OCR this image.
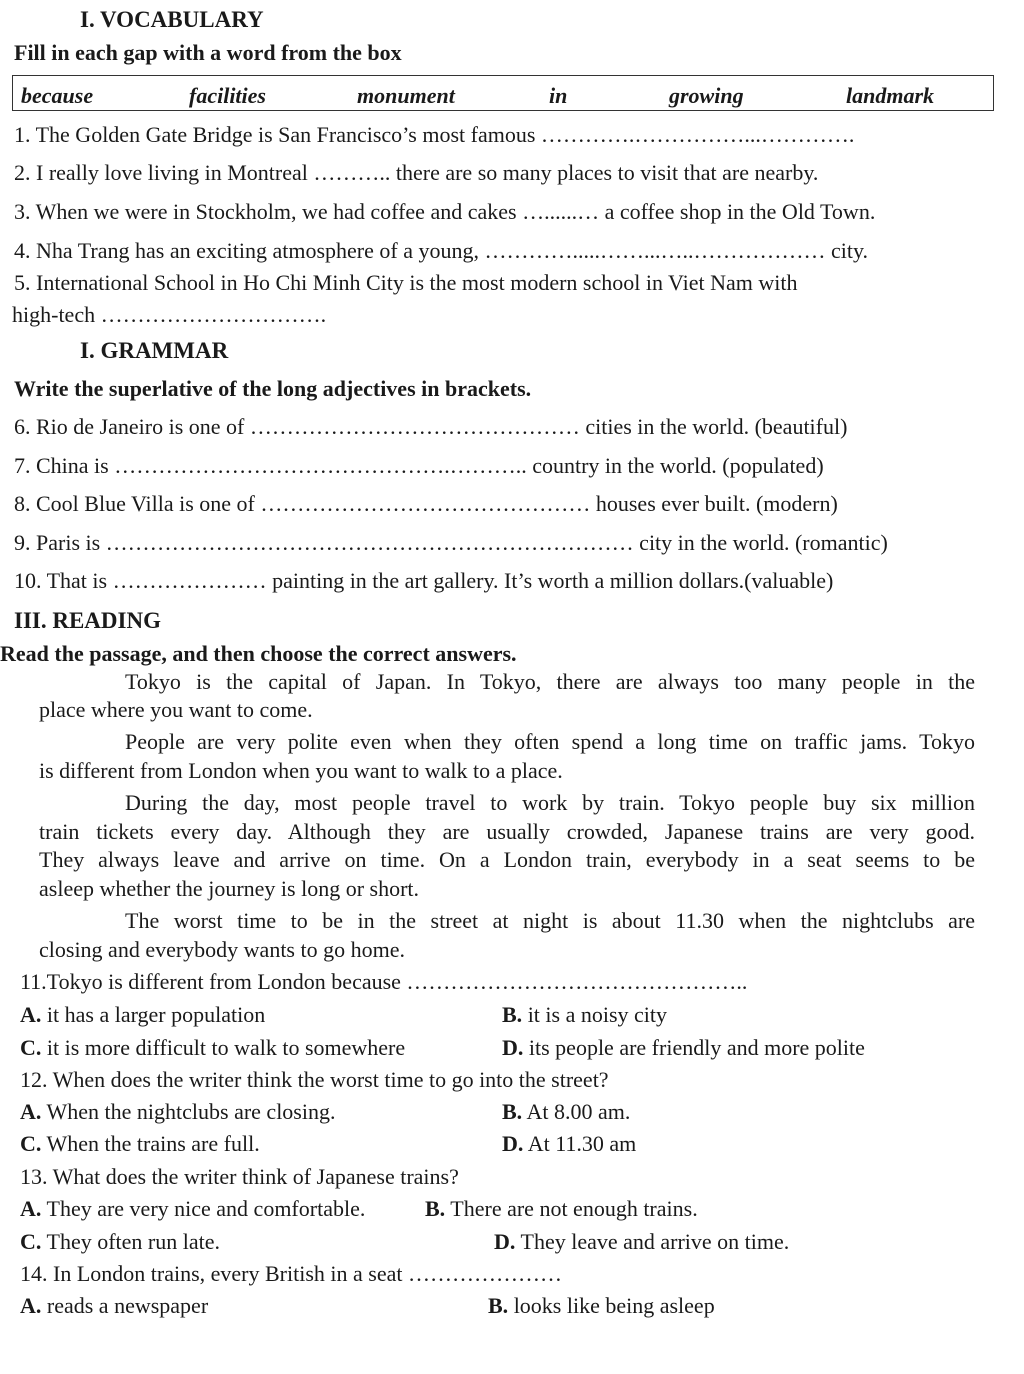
I. VOCABULARY
Fill in each gap with a word from the box
because	facilities	monument	in	growing	landmark
1. The Golden Gate Bridge is San Francisco’s most famous ………….……………...………….
2. I really love living in Montreal ……….. there are so many places to visit that are nearby.
3. When we were in Stockholm, we had coffee and cakes …......… a coffee shop in the Old Town.
4. Nha Trang has an exciting atmosphere of a young, ………….....……...…..……………… city.
5. International School in Ho Chi Minh City is the most modern school in Viet Nam with
high-tech ………………………….
I. GRAMMAR
Write the superlative of the long adjectives in brackets.
6. Rio de Janeiro is one of ……………………………………… cities in the world. (beautiful)
7. China is ……………………………………….……….. country in the world. (populated)
8. Cool Blue Villa is one of ……………………………………… houses ever built. (modern)
9. Paris is ……………………………………………………………… city in the world. (romantic)
10. That is ………………… painting in the art gallery. It’s worth a million dollars.(valuable)
III. READING
Read the passage, and then choose the correct answers.
Tokyo is the capital of Japan. In Tokyo, there are always too many people in the
place where you want to come.
People are very polite even when they often spend a long time on traffic jams. Tokyo
is different from London when you want to walk to a place.
During the day, most people travel to work by train. Tokyo people buy six million
train tickets every day. Although they are usually crowded, Japanese trains are very good.
They always leave and arrive on time. On a London train, everybody in a seat seems to be
asleep whether the journey is long or short.
The worst time to be in the street at night is about 11.30 when the nightclubs are
closing and everybody wants to go home.
11.Tokyo is different from London because ………………………………………..
A. it has a larger population	B. it is a noisy city
C. it is more difficult to walk to somewhere	D. its people are friendly and more polite
12. When does the writer think the worst time to go into the street?
A. When the nightclubs are closing.	B. At 8.00 am.
C. When the trains are full.	D. At 11.30 am
13. What does the writer think of Japanese trains?
A. They are very nice and comfortable.	B. There are not enough trains.
C. They often run late.	D. They leave and arrive on time.
14. In London trains, every British in a seat …………………
A. reads a newspaper	B. looks like being asleep
